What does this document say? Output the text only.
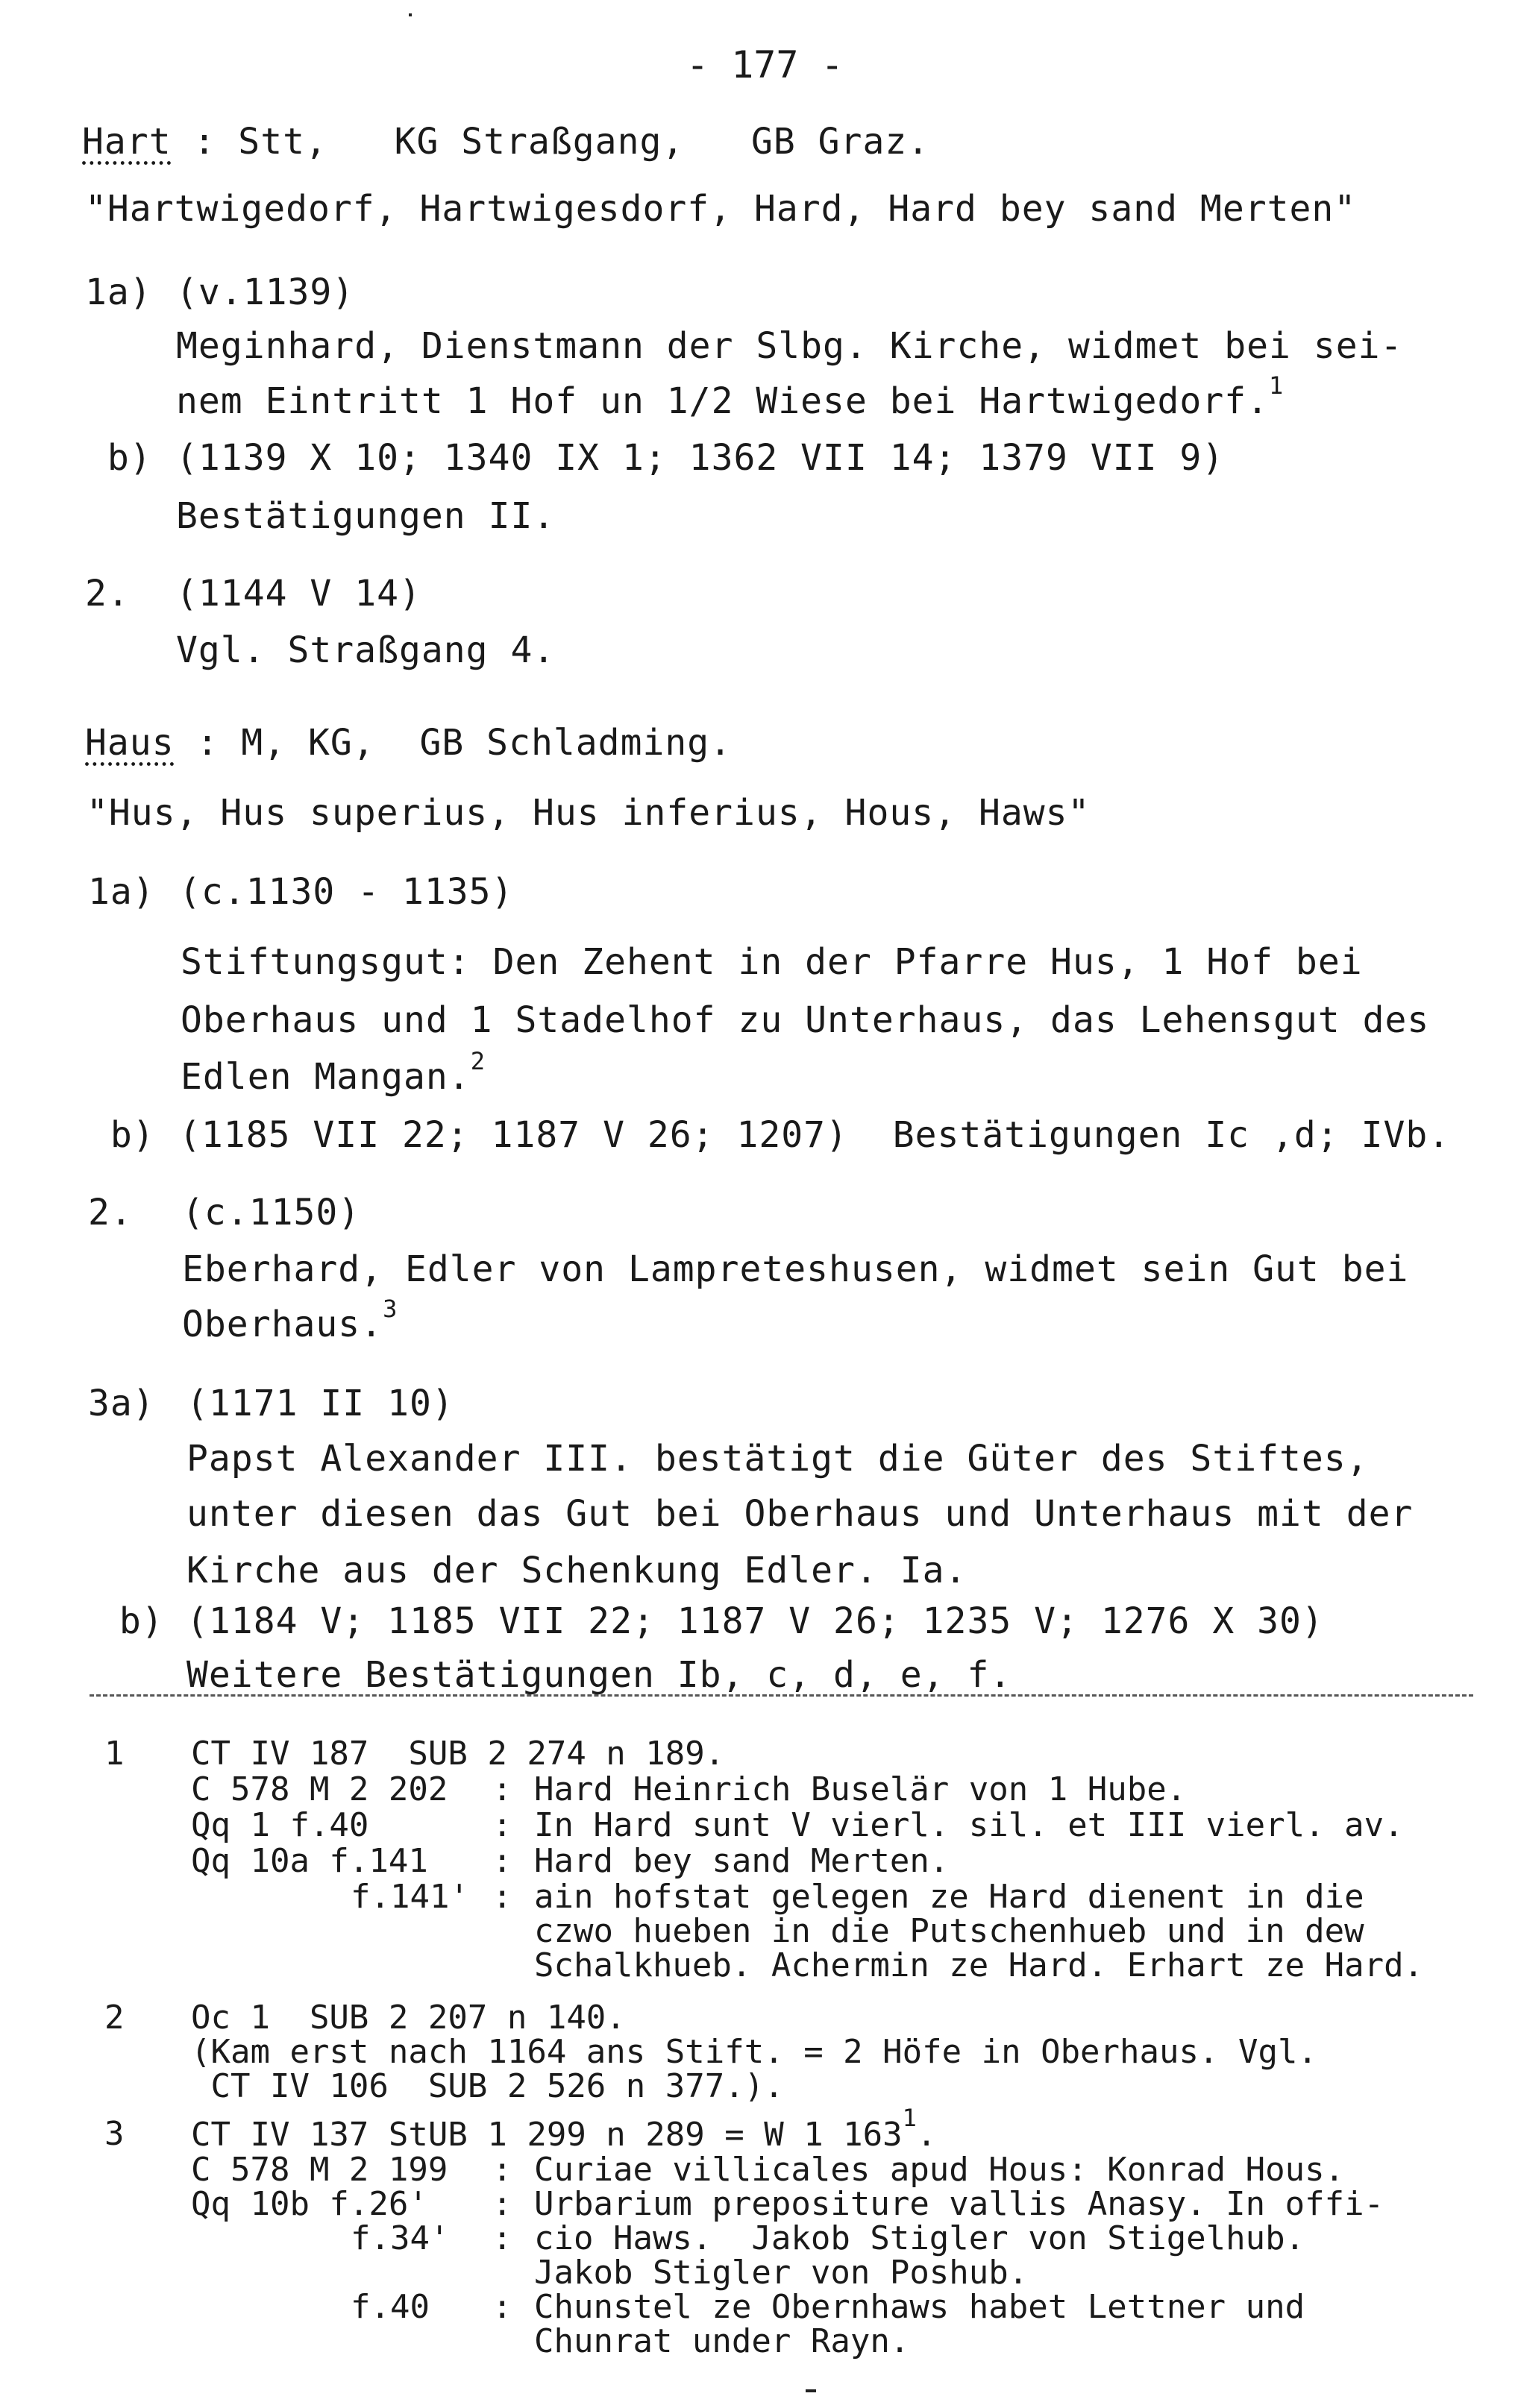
- 177 -
Hart : Stt,   KG Straßgang,   GB Graz.
"Hartwigedorf, Hartwigesdorf, Hard, Hard bey sand Merten"
1a) (v.1139)
Meginhard, Dienstmann der Slbg. Kirche, widmet bei sei-
nem Eintritt 1 Hof un 1/2 Wiese bei Hartwigedorf.$^1$
b) (1139 X 10; 1340 IX 1; 1362 VII 14; 1379 VII 9)
Bestätigungen II.
2. (1144 V 14)
Vgl. Straßgang 4.
Haus : M, KG,  GB Schladming.
"Hus, Hus superius, Hus inferius, Hous, Haws"
1a) (c.1130 - 1135)
Stiftungsgut: Den Zehent in der Pfarre Hus, 1 Hof bei
Oberhaus und 1 Stadelhof zu Unterhaus, das Lehensgut des
Edlen Mangan.$^2$
b) (1185 VII 22; 1187 V 26; 1207)  Bestätigungen Ic ,d; IVb.
2. (c.1150)
Eberhard, Edler von Lampreteshusen, widmet sein Gut bei
Oberhaus.$^3$
3a) (1171 II 10)
Papst Alexander III. bestätigt die Güter des Stiftes,
unter diesen das Gut bei Oberhaus und Unterhaus mit der
Kirche aus der Schenkung Edler. Ia.
b) (1184 V; 1185 VII 22; 1187 V 26; 1235 V; 1276 X 30)
Weitere Bestätigungen Ib, c, d, e, f.
1 CT IV 187  SUB 2 274 n 189.
C 578 M 2 202 : Hard Heinrich Buselär von 1 Hube.
Qq 1 f.40	: In Hard sunt V vierl. sil. et III vierl. av.
Qq 10a f.141 : Hard bey sand Merten.
f.141' : ain hofstat gelegen ze Hard dienent in die
czwo hueben in die Putschenhueb und in dew
Schalkhueb. Achermin ze Hard. Erhart ze Hard.
2 Oc 1  SUB 2 207 n 140.
(Kam erst nach 1164 ans Stift. = 2 Höfe in Oberhaus. Vgl.
CT IV 106  SUB 2 526 n 377.).
3 CT IV 137 StUB 1 299 n 289 = W 1 $163^1$.
C 578 M 2 199 : Curiae villicales apud Hous: Konrad Hous.
Qq 10b f.26' : Urbarium prepositure vallis Anasy. In offi-
f.34' : cio Haws.  Jakob Stigler von Stigelhub.
Jakob Stigler von Poshub.
f.40 : Chunstel ze Obernhaws habet Lettner und
Chunrat under Rayn.
